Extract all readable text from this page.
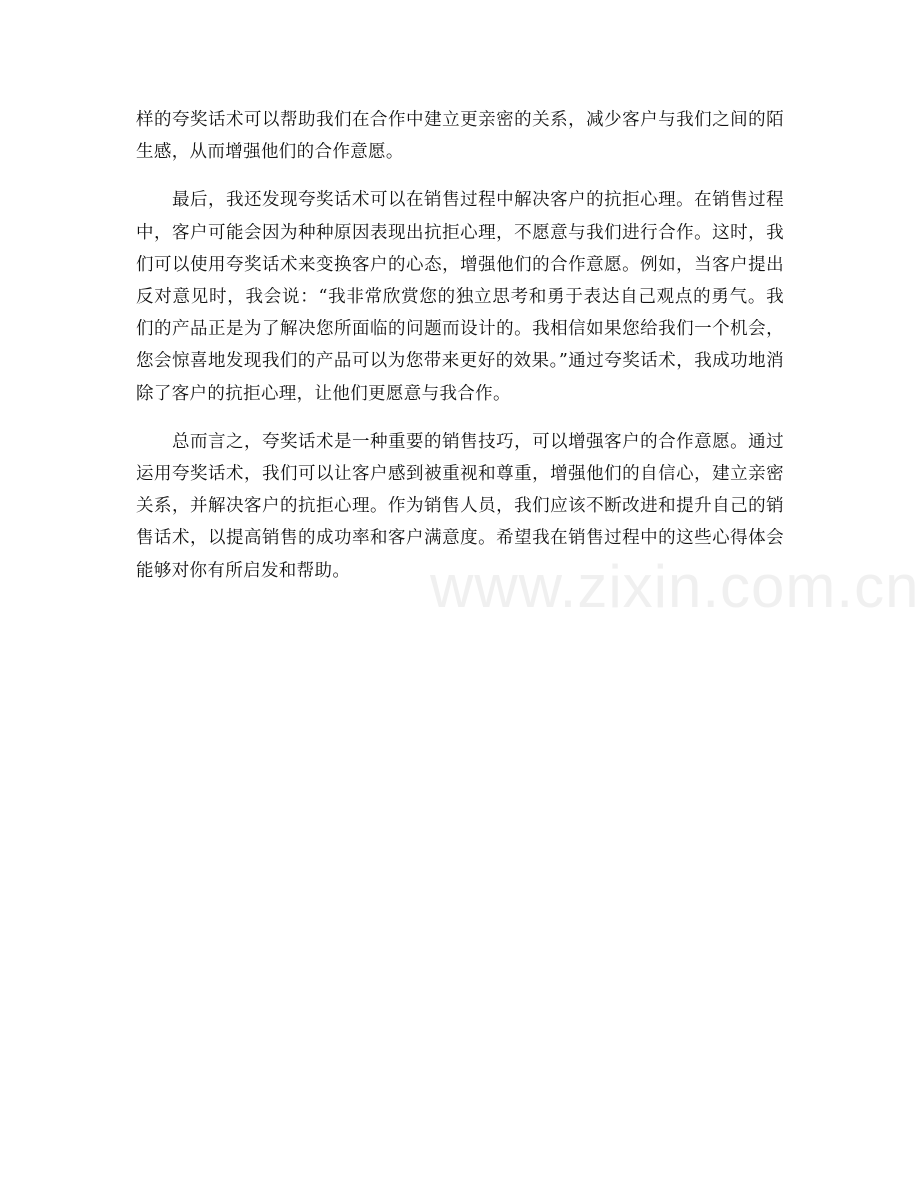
样的夸奖话术可以帮助我们在合作中建立更亲密的关系，减少客户与我们之间的陌生感，从而增强他们的合作意愿。

最后，我还发现夸奖话术可以在销售过程中解决客户的抗拒心理。在销售过程中，客户可能会因为种种原因表现出抗拒心理，不愿意与我们进行合作。这时，我们可以使用夸奖话术来变换客户的心态，增强他们的合作意愿。例如，当客户提出反对意见时，我会说：“我非常欣赏您的独立思考和勇于表达自己观点的勇气。我们的产品正是为了解决您所面临的问题而设计的。我相信如果您给我们一个机会，您会惊喜地发现我们的产品可以为您带来更好的效果。”通过夸奖话术，我成功地消除了客户的抗拒心理，让他们更愿意与我合作。

总而言之，夸奖话术是一种重要的销售技巧，可以增强客户的合作意愿。通过运用夸奖话术，我们可以让客户感到被重视和尊重，增强他们的自信心，建立亲密关系，并解决客户的抗拒心理。作为销售人员，我们应该不断改进和提升自己的销售话术，以提高销售的成功率和客户满意度。希望我在销售过程中的这些心得体会能够对你有所启发和帮助。	www.zixin.com.cn
